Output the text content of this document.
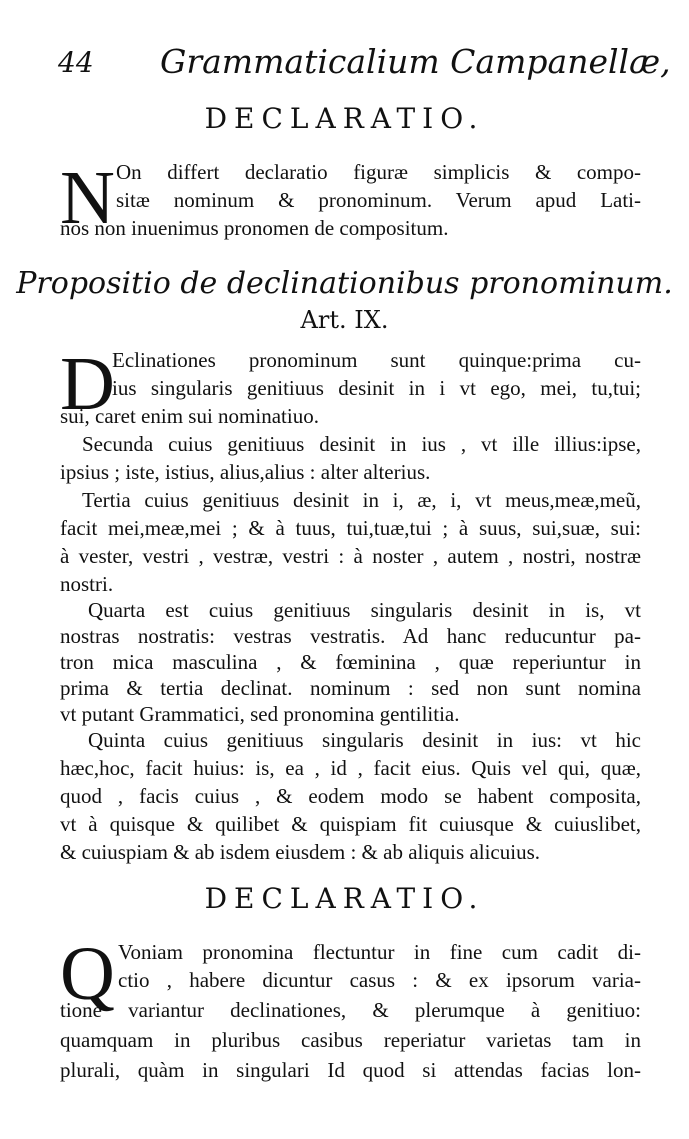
44 Grammaticalium Campanellæ,
DECLARATIO.
N On differt declaratio figuræ simplicis & compo-
sitæ nominum & pronominum. Verum apud Lati-
nos non inuenimus pronomen de compositum.
Propositio de declinationibus pronominum.
Art. IX.
D
Eclinationes pronominum sunt quinque:prima cu-
ius singularis genitiuus desinit in i vt ego, mei, tu,tui;
sui, caret enim sui nominatiuo.
Secunda cuius genitiuus desinit in ius , vt ille illius:ipse,
ipsius ; iste, istius, alius,alius : alter alterius.
Tertia cuius genitiuus desinit in i, æ, i, vt meus,meæ,meũ,
facit mei,meæ,mei ; & à tuus, tui,tuæ,tui ; à suus, sui,suæ, sui:
à vester, vestri , vestræ, vestri : à noster , autem , nostri, nostræ
nostri.
Quarta est cuius genitiuus singularis desinit in is, vt
nostras nostratis: vestras vestratis. Ad hanc reducuntur pa-
tron mica masculina , & fœminina , quæ reperiuntur in
prima & tertia declinat. nominum : sed non sunt nomina
vt putant Grammatici, sed pronomina gentilitia.
Quinta cuius genitiuus singularis desinit in ius: vt hic
hæc,hoc, facit huius: is, ea , id , facit eius. Quis vel qui, quæ,
quod , facis cuius , & eodem modo se habent composita,
vt à quisque & quilibet & quispiam fit cuiusque & cuiuslibet,
& cuiuspiam & ab isdem eiusdem : & ab aliquis alicuius.
DECLARATIO.
Q Voniam pronomina flectuntur in fine cum cadit di-
ctio , habere dicuntur casus : & ex ipsorum varia-
tione variantur declinationes, & plerumque à genitiuo:
quamquam in pluribus casibus reperiatur varietas tam in
plurali, quàm in singulari Id quod si attendas facias lon-
